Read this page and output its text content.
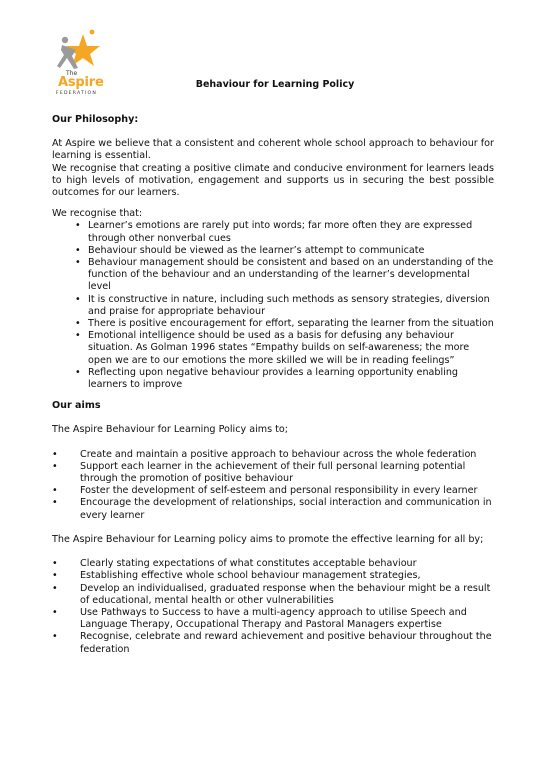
The
Aspire
FEDERATION
Behaviour for Learning Policy
Our Philosophy:

At Aspire we believe that a consistent and coherent whole school approach to behaviour for learning is essential.

We recognise that creating a positive climate and conducive environment for learners leads to high levels of motivation, engagement and supports us in securing the best possible outcomes for our learners.

We recognise that:

• Learner’s emotions are rarely put into words; far more often they are expressed through other nonverbal cues
• Behaviour should be viewed as the learner’s attempt to communicate
• Behaviour management should be consistent and based on an understanding of the function of the behaviour and an understanding of the learner’s developmental level
• It is constructive in nature, including such methods as sensory strategies, diversion and praise for appropriate behaviour
• There is positive encouragement for effort, separating the learner from the situation
• Emotional intelligence should be used as a basis for defusing any behaviour situation. As Golman 1996 states “Empathy builds on self-awareness; the more open we are to our emotions the more skilled we will be in reading feelings”
• Reflecting upon negative behaviour provides a learning opportunity enabling learners to improve
Our aims

The Aspire Behaviour for Learning Policy aims to;

• Create and maintain a positive approach to behaviour across the whole federation
• Support each learner in the achievement of their full personal learning potential through the promotion of positive behaviour
• Foster the development of self-esteem and personal responsibility in every learner
• Encourage the development of relationships, social interaction and communication in every learner

The Aspire Behaviour for Learning policy aims to promote the effective learning for all by;

• Clearly stating expectations of what constitutes acceptable behaviour
• Establishing effective whole school behaviour management strategies,
• Develop an individualised, graduated response when the behaviour might be a result of educational, mental health or other vulnerabilities
• Use Pathways to Success to have a multi-agency approach to utilise Speech and Language Therapy, Occupational Therapy and Pastoral Managers expertise
• Recognise, celebrate and reward achievement and positive behaviour throughout the federation
